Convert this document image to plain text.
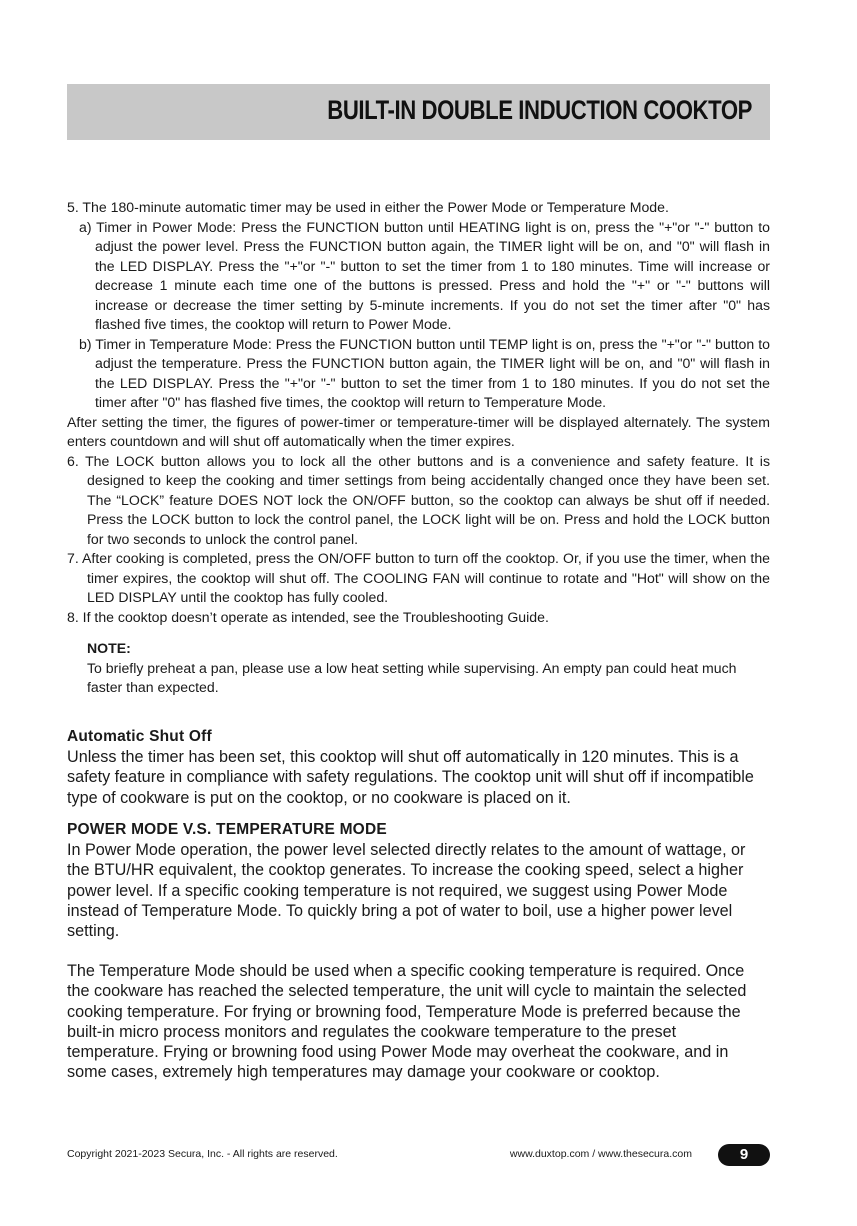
BUILT-IN DOUBLE INDUCTION COOKTOP

5. The 180-minute automatic timer may be used in either the Power Mode or Temperature Mode.

a) Timer in Power Mode: Press the FUNCTION button until HEATING light is on, press the "+"or "-" button to adjust the power level. Press the FUNCTION button again, the TIMER light will be on, and "0" will flash in the LED DISPLAY. Press the "+"or "-" button to set the timer from 1 to 180 minutes. Time will increase or decrease 1 minute each time one of the buttons is pressed. Press and hold the "+" or "-" buttons will increase or decrease the timer setting by 5-minute increments. If you do not set the timer after "0" has flashed five times, the cooktop will return to Power Mode.

b) Timer in Temperature Mode: Press the FUNCTION button until TEMP light is on, press the "+"or "-" button to adjust the temperature. Press the FUNCTION button again, the TIMER light will be on, and "0" will flash in the LED DISPLAY. Press the "+"or "-" button to set the timer from 1 to 180 minutes. If you do not set the timer after "0" has flashed five times, the cooktop will return to Temperature Mode.

After setting the timer, the figures of power-timer or temperature-timer will be displayed alternately. The system enters countdown and will shut off automatically when the timer expires.

6. The LOCK button allows you to lock all the other buttons and is a convenience and safety feature. It is designed to keep the cooking and timer settings from being accidentally changed once they have been set. The “LOCK” feature DOES NOT lock the ON/OFF button, so the cooktop can always be shut off if needed. Press the LOCK button to lock the control panel, the LOCK light will be on. Press and hold the LOCK button for two seconds to unlock the control panel.

7. After cooking is completed, press the ON/OFF button to turn off the cooktop. Or, if you use the timer, when the timer expires, the cooktop will shut off. The COOLING FAN will continue to rotate and "Hot" will show on the LED DISPLAY until the cooktop has fully cooled.

8. If the cooktop doesn’t operate as intended, see the Troubleshooting Guide.

NOTE:
To briefly preheat a pan, please use a low heat setting while supervising. An empty pan could heat much faster than expected.
Automatic Shut Off

Unless the timer has been set, this cooktop will shut off automatically in 120 minutes. This is a safety feature in compliance with safety regulations. The cooktop unit will shut off if incompatible type of cookware is put on the cooktop, or no cookware is placed on it.

POWER MODE V.S. TEMPERATURE MODE

In Power Mode operation, the power level selected directly relates to the amount of wattage, or the BTU/HR equivalent, the cooktop generates. To increase the cooking speed, select a higher power level. If a specific cooking temperature is not required, we suggest using Power Mode instead of Temperature Mode. To quickly bring a pot of water to boil, use a higher power level setting.

The Temperature Mode should be used when a specific cooking temperature is required. Once the cookware has reached the selected temperature, the unit will cycle to maintain the selected cooking temperature. For frying or browning food, Temperature Mode is preferred because the built-in micro process monitors and regulates the cookware temperature to the preset temperature. Frying or browning food using Power Mode may overheat the cookware, and in some cases, extremely high temperatures may damage your cookware or cooktop.

Copyright 2021-2023 Secura, Inc. - All rights are reserved.	www.duxtop.com / www.thesecura.com	9
